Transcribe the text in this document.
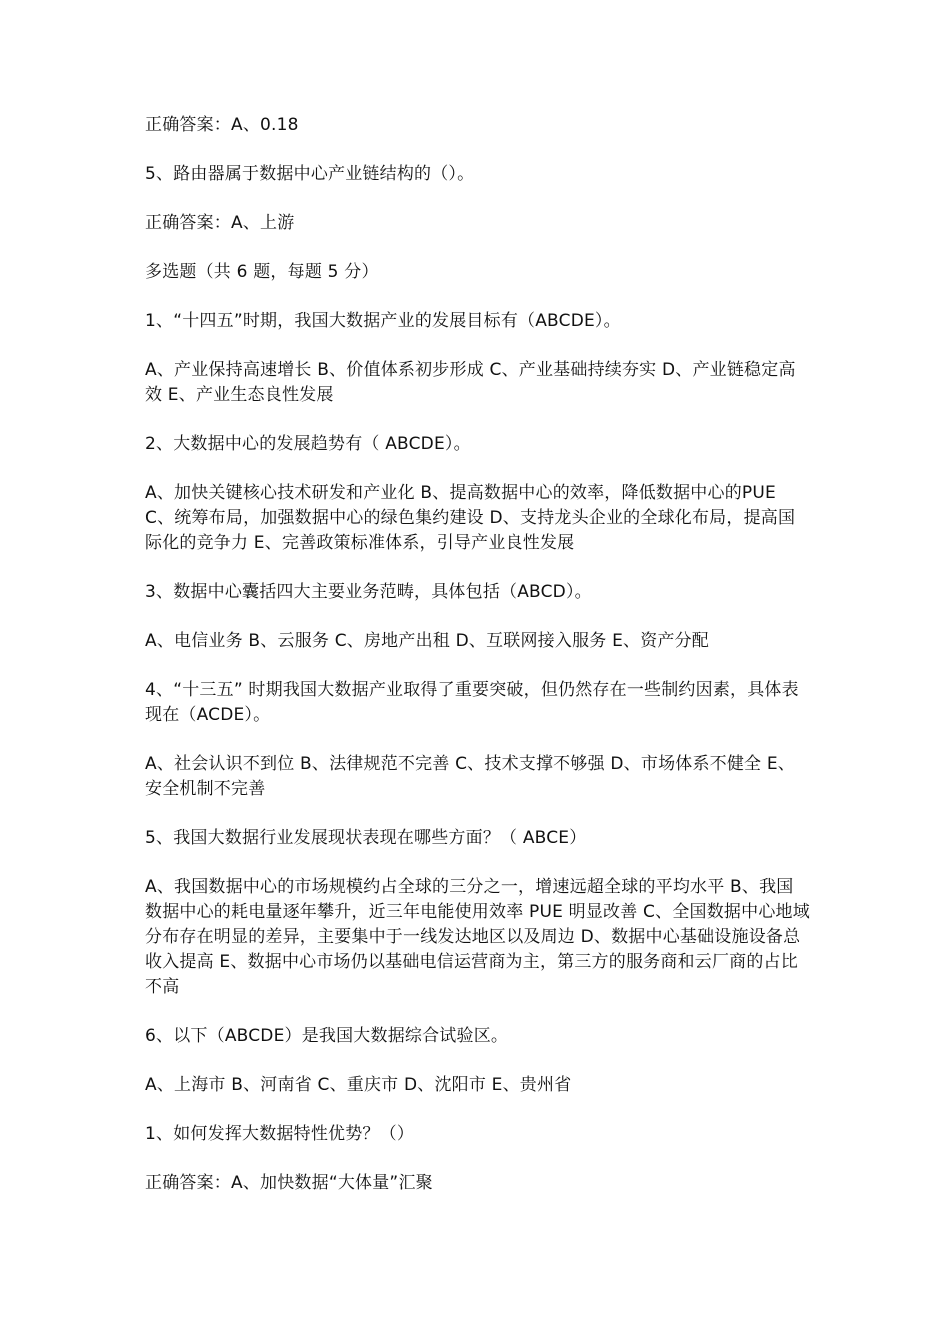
正确答案：A、0.18

5、路由器属于数据中心产业链结构的（）。

正确答案：A、上游

多选题（共 6 题，每题 5 分）

1、“十四五”时期，我国大数据产业的发展目标有（ABCDE）。

A、产业保持高速增长 B、价值体系初步形成 C、产业基础持续夯实 D、产业链稳定高效 E、产业生态良性发展

2、大数据中心的发展趋势有（ ABCDE）。

A、加快关键核心技术研发和产业化 B、提高数据中心的效率，降低数据中心的PUE C、统筹布局，加强数据中心的绿色集约建设 D、支持龙头企业的全球化布局，提高国际化的竞争力 E、完善政策标准体系，引导产业良性发展

3、数据中心囊括四大主要业务范畴，具体包括（ABCD）。

A、电信业务 B、云服务 C、房地产出租 D、互联网接入服务 E、资产分配

4、“十三五” 时期我国大数据产业取得了重要突破，但仍然存在一些制约因素，具体表现在（ACDE）。

A、社会认识不到位 B、法律规范不完善 C、技术支撑不够强 D、市场体系不健全 E、安全机制不完善

5、我国大数据行业发展现状表现在哪些方面？（ ABCE）

A、我国数据中心的市场规模约占全球的三分之一，增速远超全球的平均水平 B、我国数据中心的耗电量逐年攀升，近三年电能使用效率 PUE 明显改善 C、全国数据中心地域分布存在明显的差异，主要集中于一线发达地区以及周边 D、数据中心基础设施设备总收入提高 E、数据中心市场仍以基础电信运营商为主，第三方的服务商和云厂商的占比不高

6、以下（ABCDE）是我国大数据综合试验区。

A、上海市 B、河南省 C、重庆市 D、沈阳市 E、贵州省

1、如何发挥大数据特性优势？（）

正确答案：A、加快数据“大体量”汇聚
